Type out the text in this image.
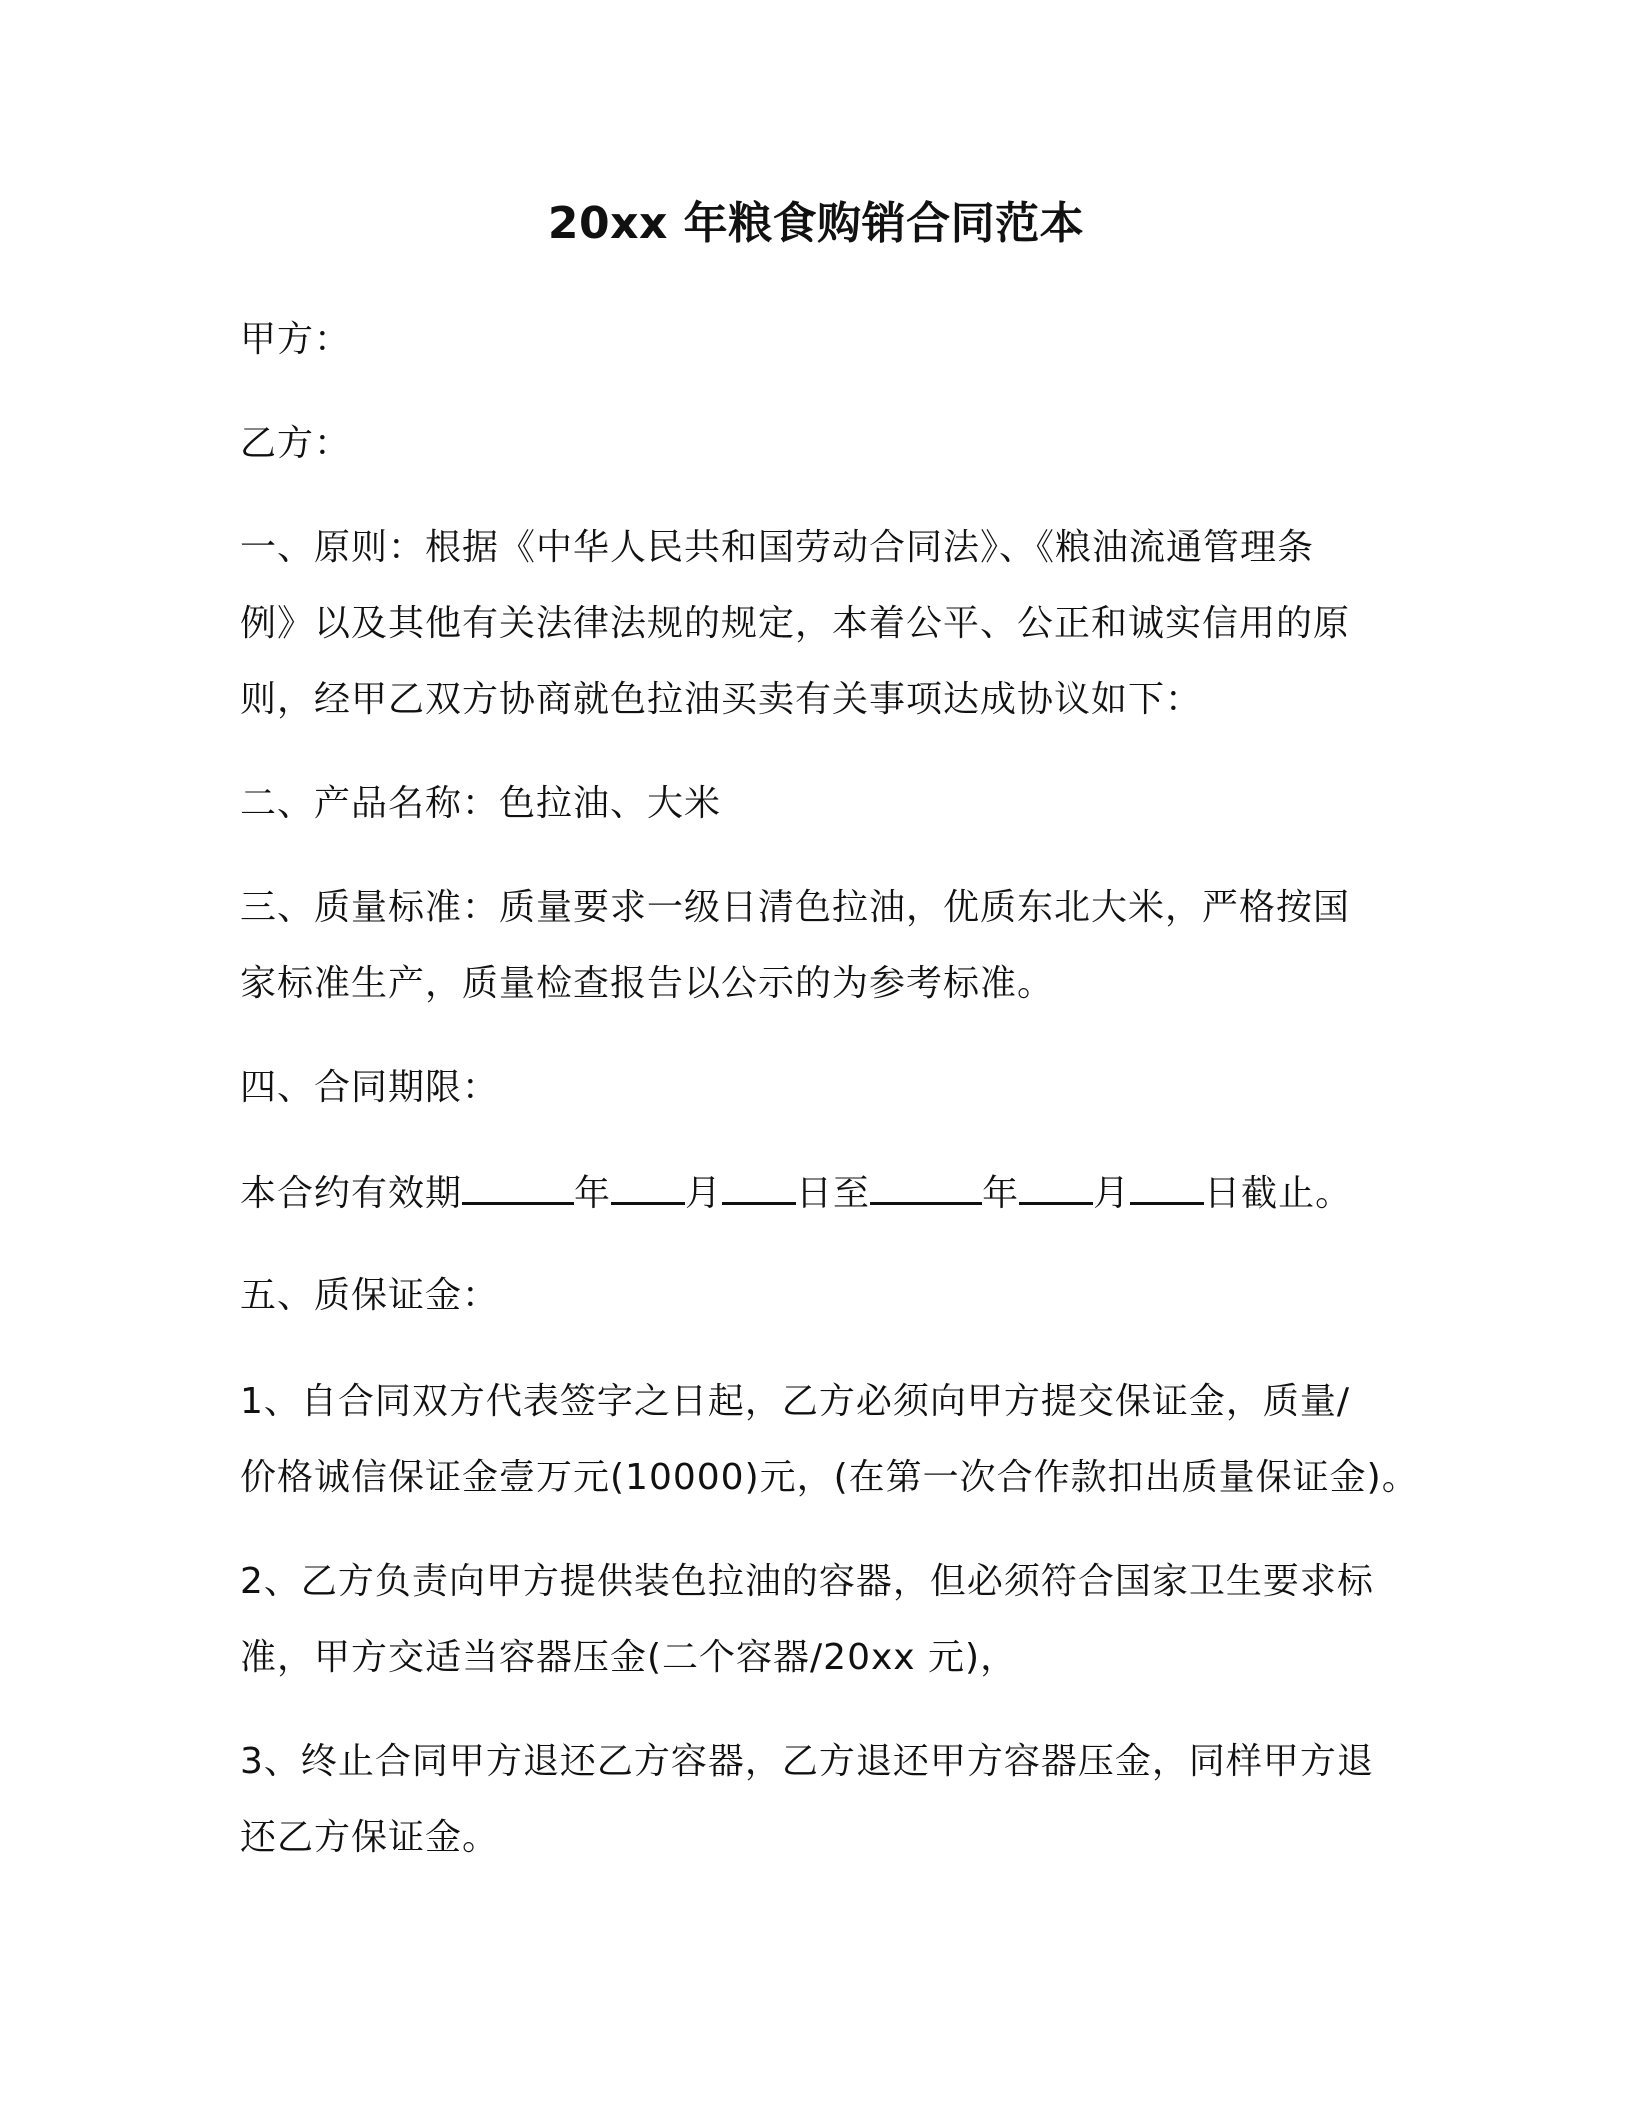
20xx 年粮食购销合同范本
甲方：
乙方：
一、原则：根据《中华人民共和国劳动合同法》、《粮油流通管理条
例》以及其他有关法律法规的规定，本着公平、公正和诚实信用的原
则，经甲乙双方协商就色拉油买卖有关事项达成协议如下：
二、产品名称：色拉油、大米
三、质量标准：质量要求一级日清色拉油，优质东北大米，严格按国
家标准生产，质量检查报告以公示的为参考标准。
四、合同期限：
本合约有效期	年 月 日至	年 月 日截止。
五、质保证金：
1、自合同双方代表签字之日起，乙方必须向甲方提交保证金，质量/
价格诚信保证金壹万元(10000)元，(在第一次合作款扣出质量保证金)。
2、乙方负责向甲方提供装色拉油的容器，但必须符合国家卫生要求标
准，甲方交适当容器压金(二个容器/20xx 元)，
3、终止合同甲方退还乙方容器，乙方退还甲方容器压金，同样甲方退
还乙方保证金。
